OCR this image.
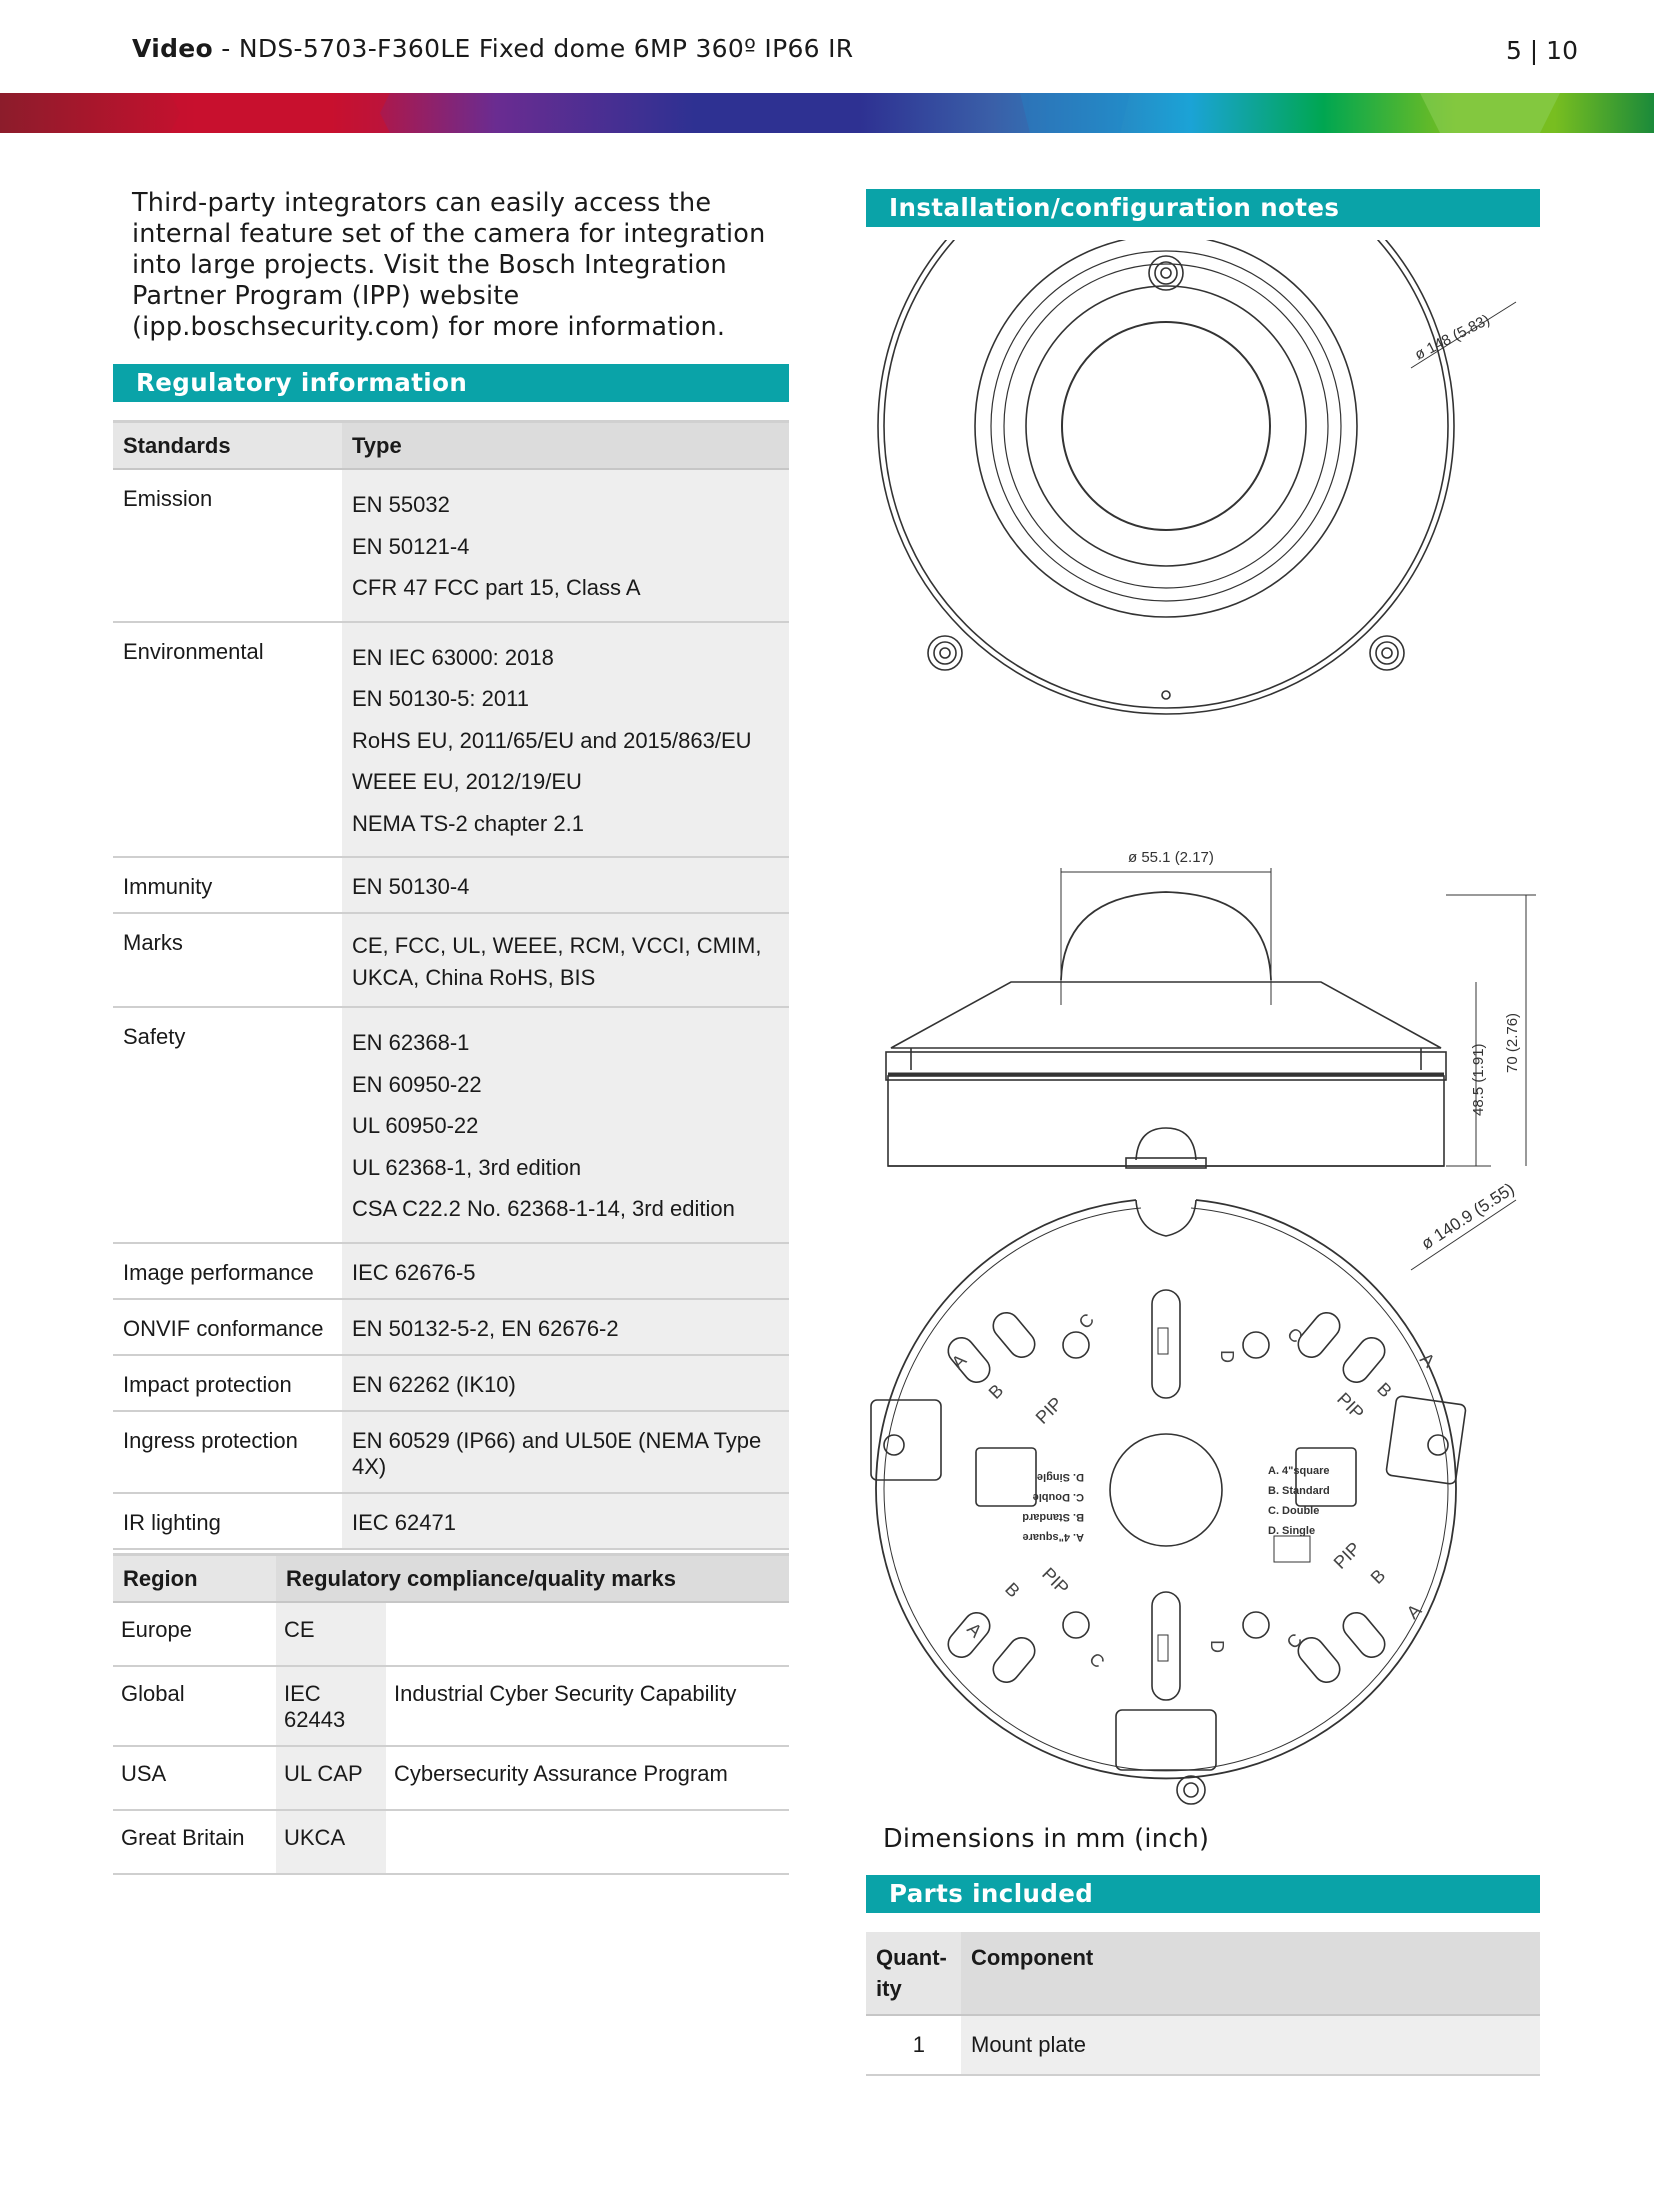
Video - NDS-5703-F360LE Fixed dome 6MP 360º IP66 IR	5 | 10
Third-party integrators can easily access the internal feature set of the camera for integration into large projects. Visit the Bosch Integration Partner Program (IPP) website (ipp.boschsecurity.com) for more information.
Regulatory information
Standards	Type
Emission	EN 55032
EN 50121-4
CFR 47 FCC part 15, Class A

Environmental	EN IEC 63000: 2018
EN 50130-5: 2011
RoHS EU, 2011/65/EU and 2015/863/EU
WEEE EU, 2012/19/EU
NEMA TS-2 chapter 2.1

Immunity	EN 50130-4

Marks	CE, FCC, UL, WEEE, RCM, VCCI, CMIM, UKCA, China RoHS, BIS

Safety	EN 62368-1
EN 60950-22
UL 60950-22
UL 62368-1, 3rd edition
CSA C22.2 No. 62368-1-14, 3rd edition

Image performance	IEC 62676-5

ONVIF conformance	EN 50132-5-2, EN 62676-2

Impact protection	EN 62262 (IK10)

Ingress protection	EN 60529 (IP66) and UL50E (NEMA Type 4X)

IR lighting	IEC 62471
Region	Regulatory compliance/quality marks	
Europe	CE	
Global	IEC 62443	Industrial Cyber Security Capability
USA	UL CAP	Cybersecurity Assurance Program
Great Britain	UKCA	
Installation/configuration notes
ø 148 (5.83)
ø 55.1 (2.17)
48.5 (1.91)
70 (2.76)
ø 140.9 (5.55)
A. 4"square
B. Standard
C. Double
D. Single
A. 4"square
B. Standard
C. Double
D. Single
A
B
C
D
PIP
A
B
C
PIP
A
B
C
D
PIP
A
B
C
PIP
Dimensions in mm (inch)
Parts included
Quant-
ity	Component
1	Mount plate
